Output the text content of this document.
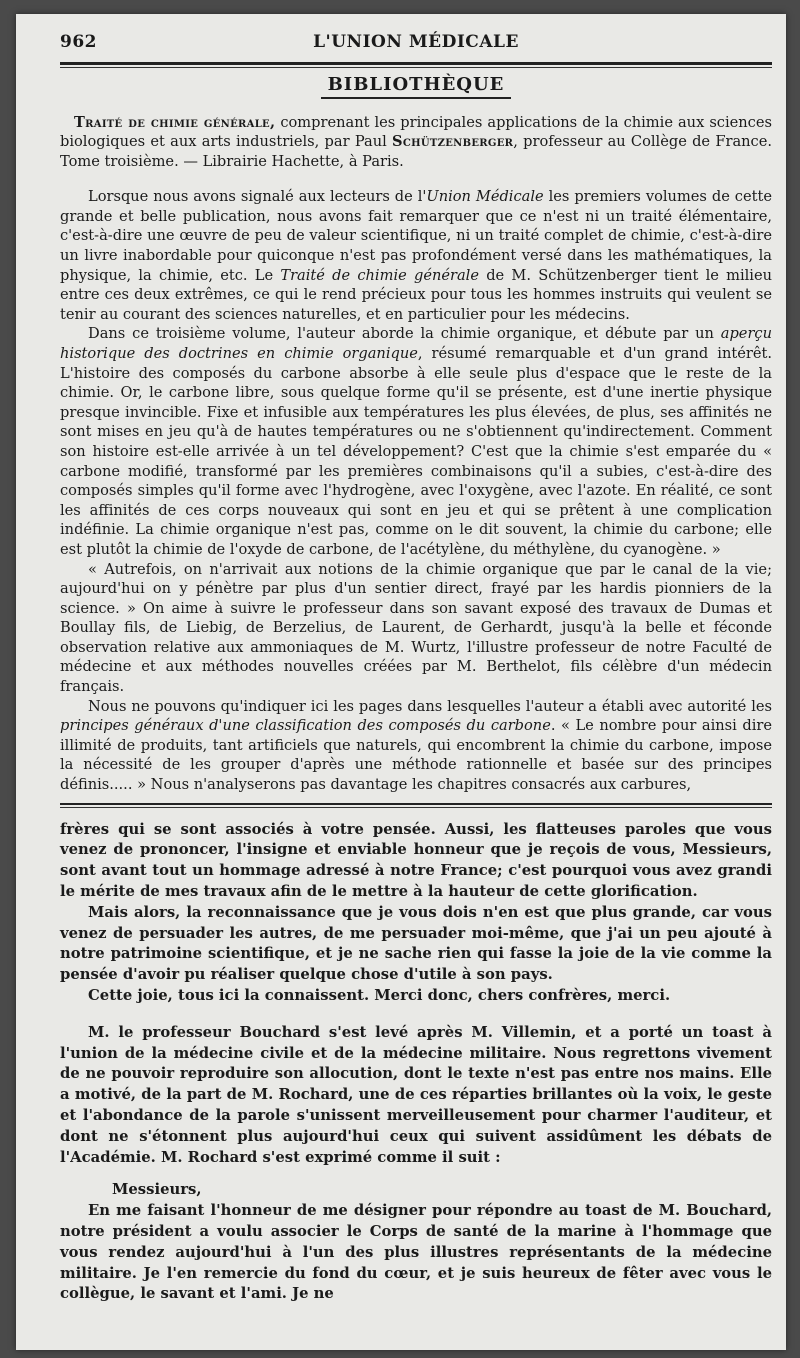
962	L'UNION MÉDICALE
BIBLIOTHÈQUE

Traité de chimie générale, comprenant les principales applications de la chimie aux sciences biologiques et aux arts industriels, par Paul Schützenberger, professeur au Collège de France. Tome troisième. — Librairie Hachette, à Paris.

Lorsque nous avons signalé aux lecteurs de l'Union Médicale les premiers volumes de cette grande et belle publication, nous avons fait remarquer que ce n'est ni un traité élémentaire, c'est-à-dire une œuvre de peu de valeur scientifique, ni un traité complet de chimie, c'est-à-dire un livre inabordable pour quiconque n'est pas profondément versé dans les mathématiques, la physique, la chimie, etc. Le Traité de chimie générale de M. Schützenberger tient le milieu entre ces deux extrêmes, ce qui le rend précieux pour tous les hommes instruits qui veulent se tenir au courant des sciences naturelles, et en particulier pour les médecins.

Dans ce troisième volume, l'auteur aborde la chimie organique, et débute par un aperçu historique des doctrines en chimie organique, résumé remarquable et d'un grand intérêt. L'histoire des composés du carbone absorbe à elle seule plus d'espace que le reste de la chimie. Or, le carbone libre, sous quelque forme qu'il se présente, est d'une inertie physique presque invincible. Fixe et infusible aux températures les plus élevées, de plus, ses affinités ne sont mises en jeu qu'à de hautes températures ou ne s'obtiennent qu'indirectement. Comment son histoire est-elle arrivée à un tel développement? C'est que la chimie s'est emparée du « carbone modifié, transformé par les premières combinaisons qu'il a subies, c'est-à-dire des composés simples qu'il forme avec l'hydrogène, avec l'oxygène, avec l'azote. En réalité, ce sont les affinités de ces corps nouveaux qui sont en jeu et qui se prêtent à une complication indéfinie. La chimie organique n'est pas, comme on le dit souvent, la chimie du carbone; elle est plutôt la chimie de l'oxyde de carbone, de l'acétylène, du méthylène, du cyanogène. »

« Autrefois, on n'arrivait aux notions de la chimie organique que par le canal de la vie; aujourd'hui on y pénètre par plus d'un sentier direct, frayé par les hardis pionniers de la science. » On aime à suivre le professeur dans son savant exposé des travaux de Dumas et Boullay fils, de Liebig, de Berzelius, de Laurent, de Gerhardt, jusqu'à la belle et féconde observation relative aux ammoniaques de M. Wurtz, l'illustre professeur de notre Faculté de médecine et aux méthodes nouvelles créées par M. Berthelot, fils célèbre d'un médecin français.

Nous ne pouvons qu'indiquer ici les pages dans lesquelles l'auteur a établi avec autorité les principes généraux d'une classification des composés du carbone. « Le nombre pour ainsi dire illimité de produits, tant artificiels que naturels, qui encombrent la chimie du carbone, impose la nécessité de les grouper d'après une méthode rationnelle et basée sur des principes définis..... » Nous n'analyserons pas davantage les chapitres consacrés aux carbures,

frères qui se sont associés à votre pensée. Aussi, les flatteuses paroles que vous venez de prononcer, l'insigne et enviable honneur que je reçois de vous, Messieurs, sont avant tout un hommage adressé à notre France; c'est pourquoi vous avez grandi le mérite de mes travaux afin de le mettre à la hauteur de cette glorification.

Mais alors, la reconnaissance que je vous dois n'en est que plus grande, car vous venez de persuader les autres, de me persuader moi-même, que j'ai un peu ajouté à notre patrimoine scientifique, et je ne sache rien qui fasse la joie de la vie comme la pensée d'avoir pu réaliser quelque chose d'utile à son pays.

Cette joie, tous ici la connaissent. Merci donc, chers confrères, merci.

M. le professeur Bouchard s'est levé après M. Villemin, et a porté un toast à l'union de la médecine civile et de la médecine militaire. Nous regrettons vivement de ne pouvoir reproduire son allocution, dont le texte n'est pas entre nos mains. Elle a motivé, de la part de M. Rochard, une de ces réparties brillantes où la voix, le geste et l'abondance de la parole s'unissent merveilleusement pour charmer l'auditeur, et dont ne s'étonnent plus aujourd'hui ceux qui suivent assidûment les débats de l'Académie. M. Rochard s'est exprimé comme il suit :

Messieurs,

En me faisant l'honneur de me désigner pour répondre au toast de M. Bouchard, notre président a voulu associer le Corps de santé de la marine à l'hommage que vous rendez aujourd'hui à l'un des plus illustres représentants de la médecine militaire. Je l'en remercie du fond du cœur, et je suis heureux de fêter avec vous le collègue, le savant et l'ami. Je ne
